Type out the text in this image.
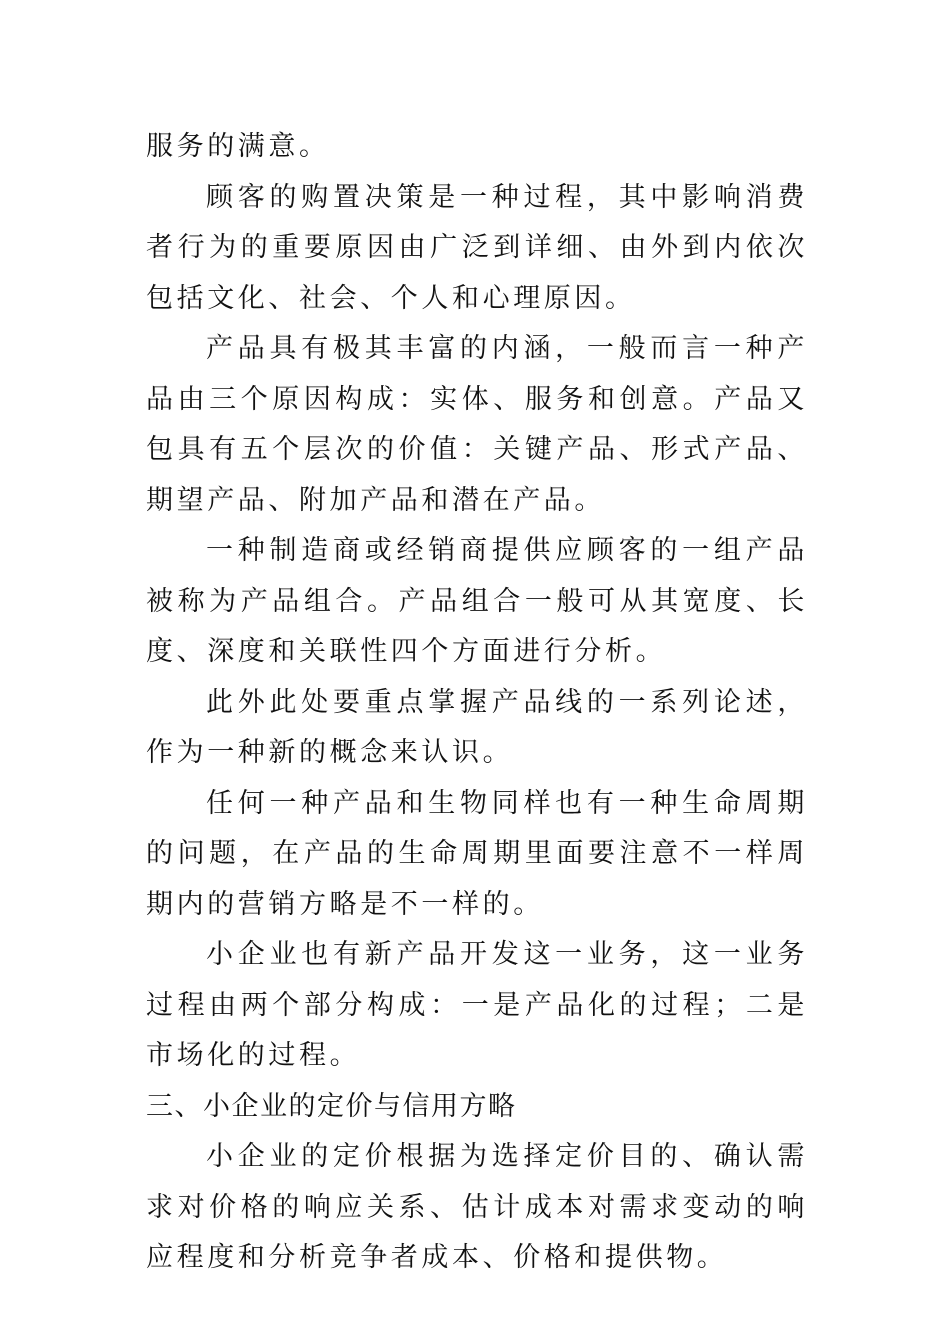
服务的满意。

顾客的购置决策是一种过程，其中影响消费者行为的重要原因由广泛到详细、由外到内依次包括文化、社会、个人和心理原因。

产品具有极其丰富的内涵，一般而言一种产品由三个原因构成：实体、服务和创意。产品又包具有五个层次的价值：关键产品、形式产品、期望产品、附加产品和潜在产品。

一种制造商或经销商提供应顾客的一组产品被称为产品组合。产品组合一般可从其宽度、长度、深度和关联性四个方面进行分析。

此外此处要重点掌握产品线的一系列论述，作为一种新的概念来认识。

任何一种产品和生物同样也有一种生命周期的问题，在产品的生命周期里面要注意不一样周期内的营销方略是不一样的。

小企业也有新产品开发这一业务，这一业务过程由两个部分构成：一是产品化的过程；二是市场化的过程。

三、小企业的定价与信用方略

小企业的定价根据为选择定价目的、确认需求对价格的响应关系、估计成本对需求变动的响应程度和分析竞争者成本、价格和提供物。
